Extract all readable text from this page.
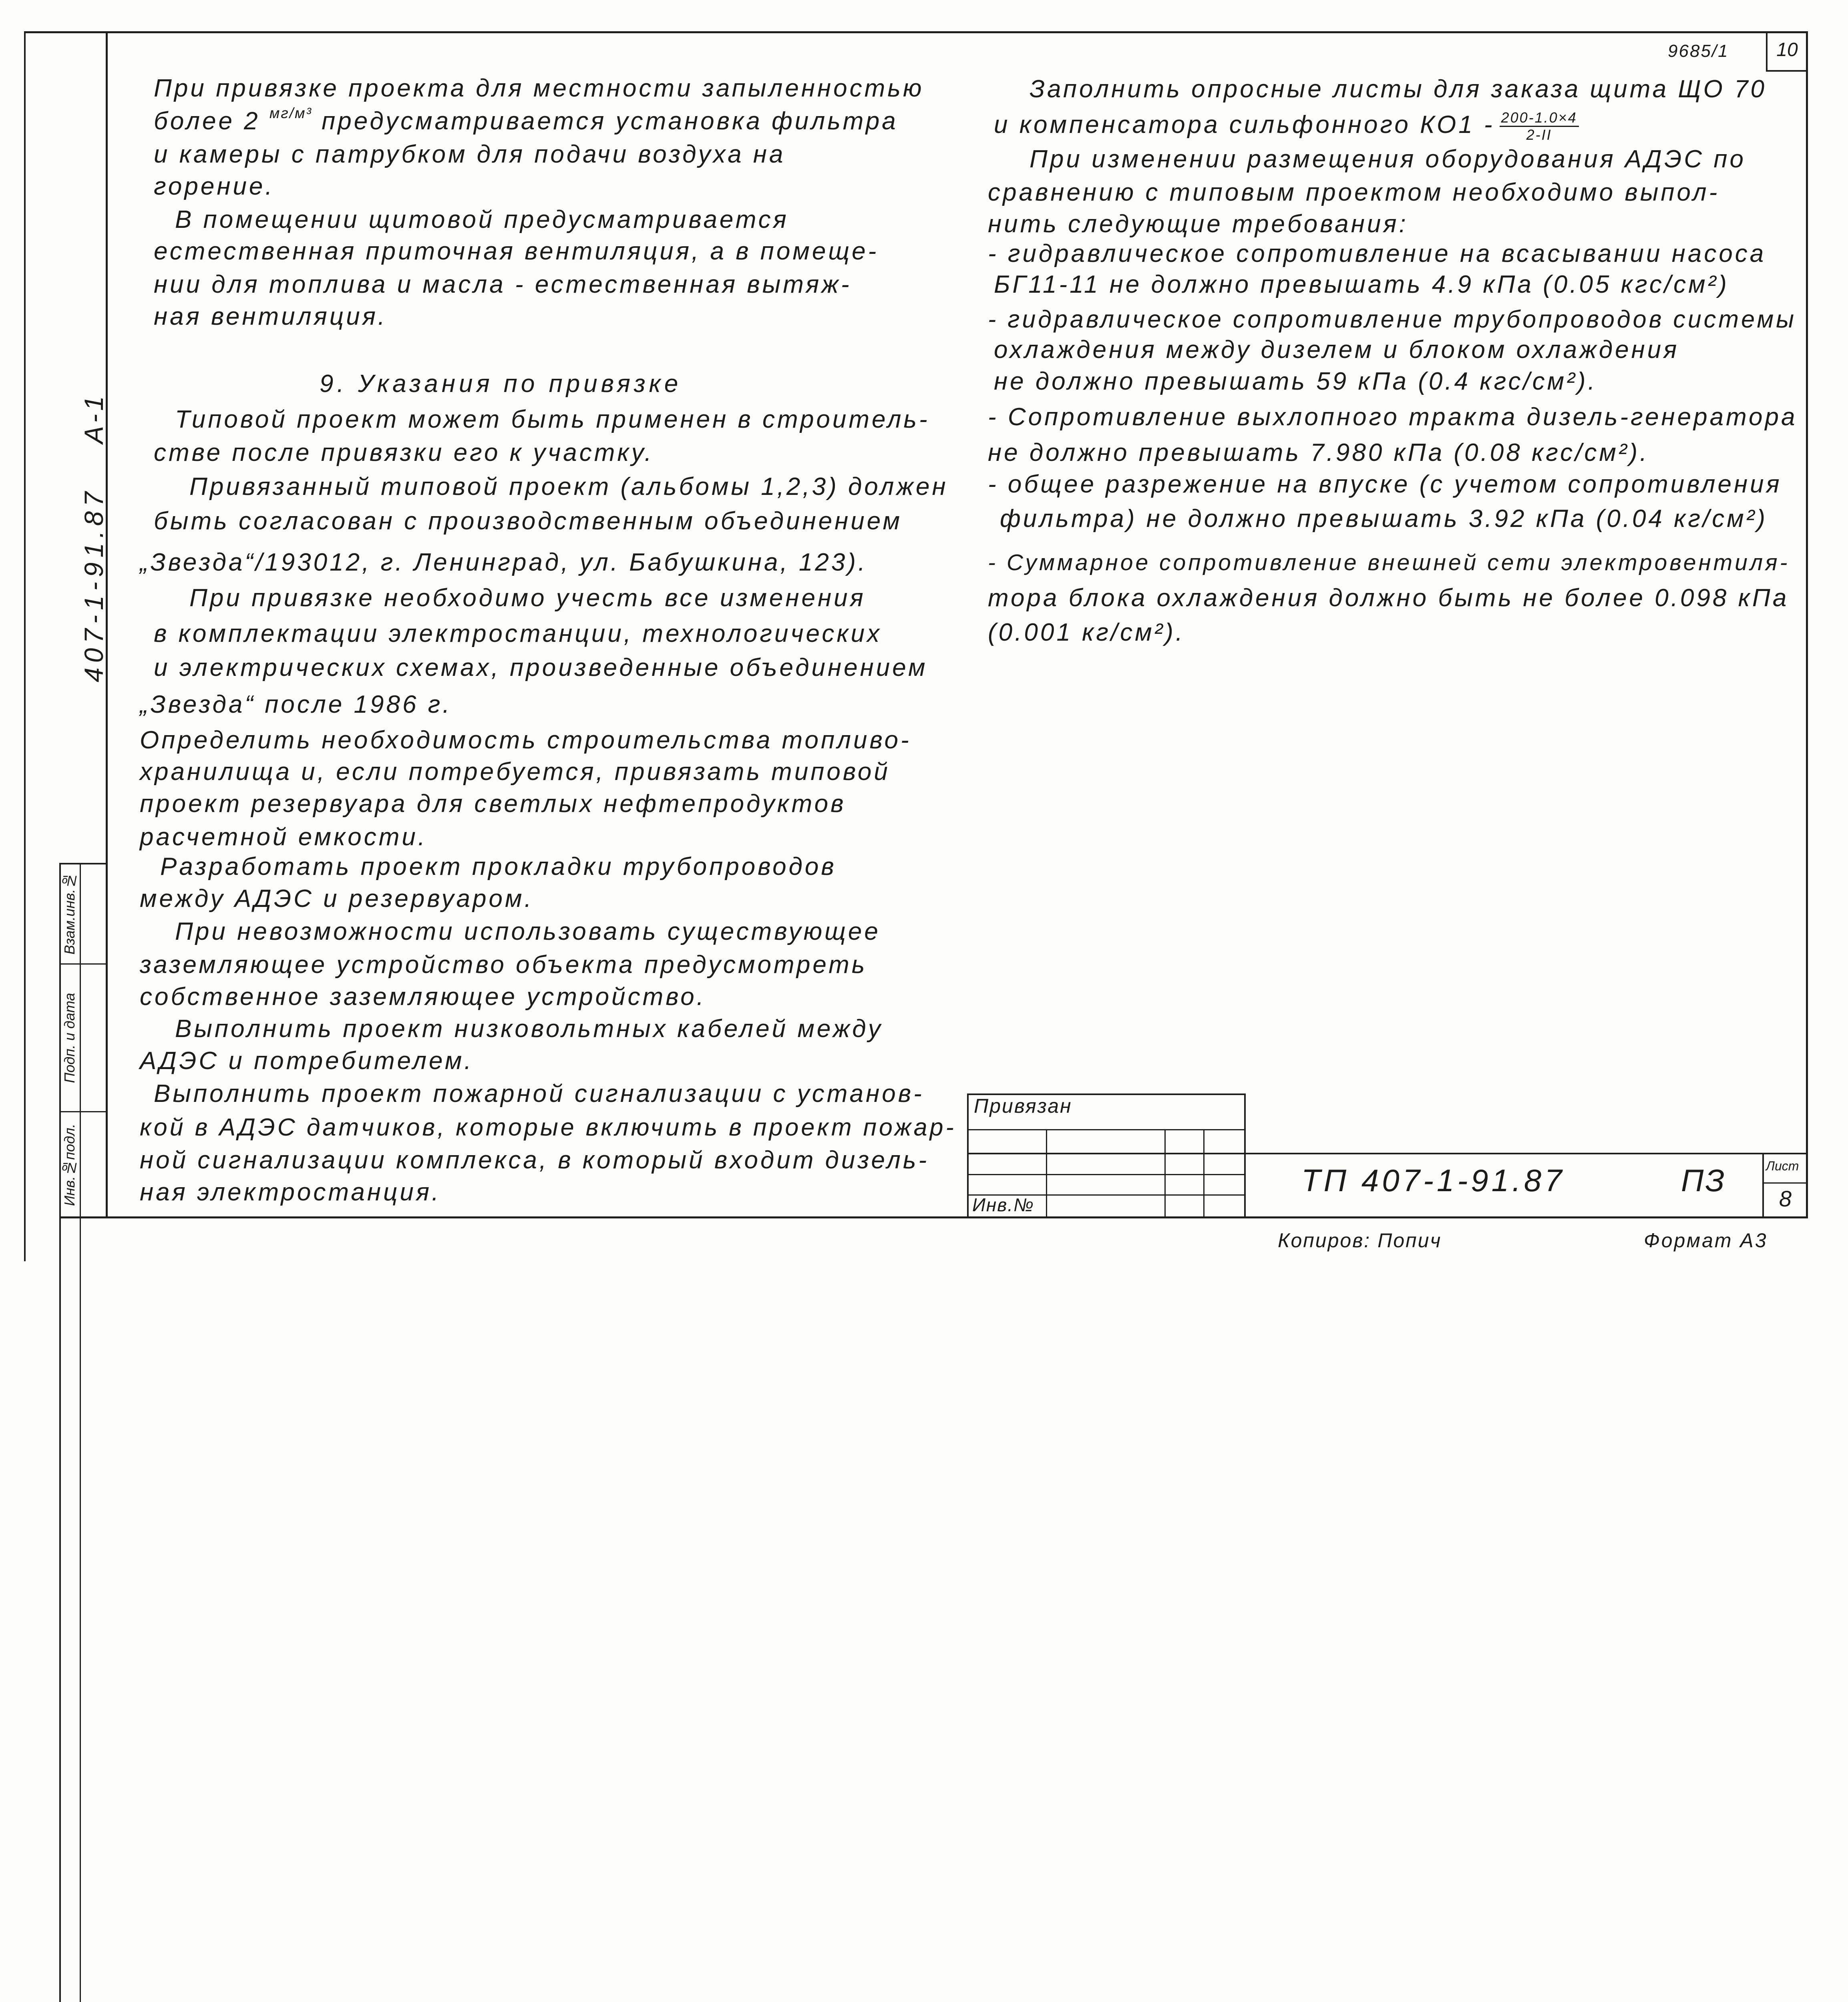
9685/1	10
407-1-91.87
А-1
Взам.инв.№
Подп. и дата
Инв.№подл.
При привязке проекта для местности запыленностью
более 2 $^{мг/м^3}$ предусматривается установка фильтра
и камеры с патрубком для подачи воздуха на
горение.
В помещении щитовой предусматривается
естественная приточная вентиляция, а в помеще-
нии для топлива и масла - естественная вытяж-
ная вентиляция.
9. Указания по привязке
Типовой проект может быть применен в строитель-
стве после привязки его к участку.
Привязанный типовой проект (альбомы 1,2,3) должен
быть согласован с производственным объединением
„Звезда“/193012, г. Ленинград, ул. Бабушкина, 123).
При привязке необходимо учесть все изменения
в комплектации электростанции, технологических
и электрических схемах, произведенные объединением
„Звезда“ после 1986 г.
Определить необходимость строительства топливо-
хранилища и, если потребуется, привязать типовой
проект резервуара для светлых нефтепродуктов
расчетной емкости.
Разработать проект прокладки трубопроводов
между АДЭС и резервуаром.
При невозможности использовать существующее
заземляющее устройство объекта предусмотреть
собственное заземляющее устройство.
Выполнить проект низковольтных кабелей между
АДЭС и потребителем.
Выполнить проект пожарной сигнализации с установ-
кой в АДЭС датчиков, которые включить в проект пожар-
ной сигнализации комплекса, в который входит дизель-
ная электростанция.
Заполнить опросные листы для заказа щита ЩО 70
и компенсатора сильфонного $КО1 - \frac{200-1.0\times 4}{2-II}$
При изменении размещения оборудования АДЭС по
сравнению с типовым проектом необходимо выпол-
нить следующие требования:
- гидравлическое сопротивление на всасывании насоса
БГ11-11 не должно превышать 4.9 кПа (0.05 кгс/см²)
- гидравлическое сопротивление трубопроводов системы
охлаждения между дизелем и блоком охлаждения
не должно превышать 59 кПа (0.4 кгс/см²).
- Сопротивление выхлопного тракта дизель-генератора
не должно превышать 7.980 кПа (0.08 кгс/см²).
- общее разрежение на впуске (с учетом сопротивления
фильтра) не должно превышать 3.92 кПа (0.04 кг/см²)
- Суммарное сопротивление внешней сети электровентиля-
тора блока охлаждения должно быть не более 0.098 кПа
(0.001 кг/см²).
Привязан
Инв.№
ТП 407-1-91.87	ПЗ	Лист
8
Копиров: Попич	Формат А3
